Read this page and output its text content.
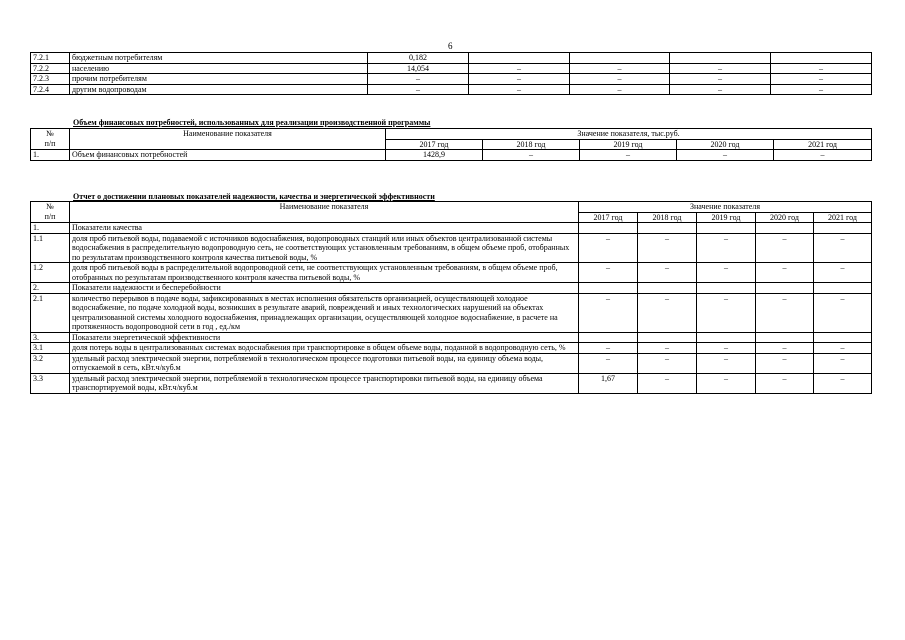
6
7.2.1	бюджетным потребителям	0,182					
7.2.2	населению	14,054	–	–	–	–	
7.2.3	прочим потребителям	–	–	–	–	–	
7.2.4	другим водопроводам	–	–	–	–	–	
Объем финансовых потребностей, использованных для реализации производственной программы
№
п/п	Наименование показателя	Значение показателя, тыс.руб.				
		2017 год	2018 год	2019 год	2020 год	2021 год
1.	Объем финансовых потребностей	1428,9	–	–	–	–
Отчет о достижении плановых показателей надежности, качества и энергетической эффективности
№
п/п	Наименование показателя	Значение показателя				
		2017 год	2018 год	2019 год	2020 год	2021 год
1.	Показатели качества					
1.1	доля проб питьевой воды, подаваемой с источников водоснабжения, водопроводных станций или иных объектов централизованной системы водоснабжения в распределительную водопроводную сеть, не соответствующих установленным требованиям, в общем объеме проб, отобранных по результатам производственного контроля качества питьевой воды, %	–	–	–	–	–
1.2	доля проб питьевой воды в распределительной водопроводной сети, не соответствующих установленным требованиям, в общем объеме проб, отобранных по результатам производственного контроля качества питьевой воды, %	–	–	–	–	–
2.	Показатели надежности и бесперебойности					
2.1	количество перерывов в подаче воды, зафиксированных в местах исполнения обязательств организацией, осуществляющей холодное водоснабжение, по подаче холодной воды, возникших в результате аварий, повреждений и иных технологических нарушений на объектах централизованной системы холодного водоснабжения, принадлежащих организации, осуществляющей холодное водоснабжение, в расчете на протяженность водопроводной сети в год , ед./км	–	–	–	–	–
3.	Показатели энергетической эффективности					
3.1	доля потерь воды в централизованных системах водоснабжения при транспортировке в общем объеме воды, поданной в водопроводную сеть, %	–	–	–	–	–
3.2	удельный расход электрической энергии, потребляемой в технологическом процессе подготовки питьевой воды, на единицу объема воды, отпускаемой в сеть, кВт.ч/куб.м	–	–	–	–	–
3.3	удельный расход электрической энергии, потребляемой в технологическом процессе транспортировки питьевой воды, на единицу объема транспортируемой воды, кВт.ч/куб.м	1,67	–	–	–	–
